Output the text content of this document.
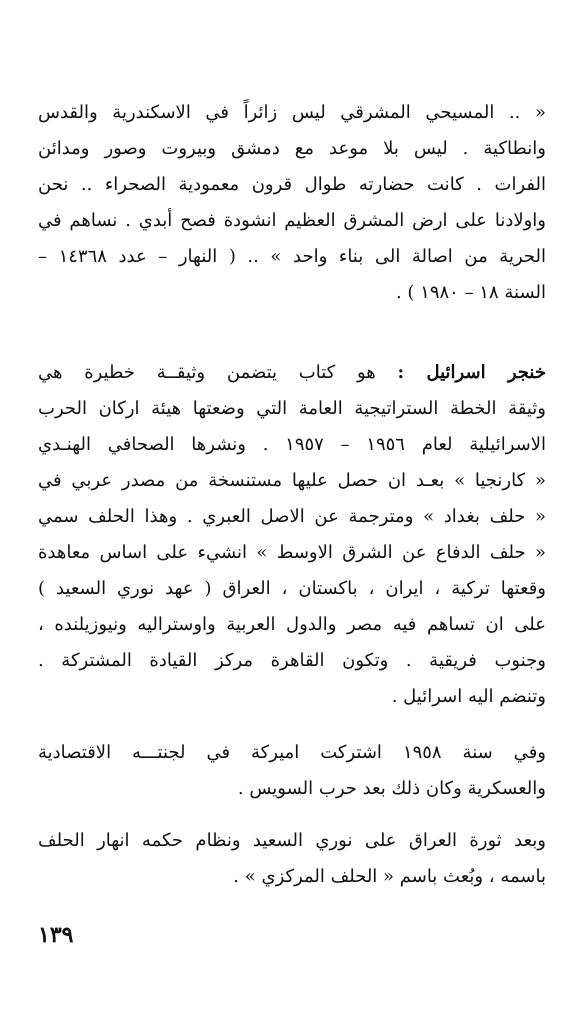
« .. المسيحي المشرقي ليس زائراً في الاسكندرية والقدس
وانطاكية . ليس بلا موعد مع دمشق وبيروت وصور ومدائن
الفرات . كانت حضارته طوال قرون معمودية الصحراء .. نحن
واولادنا على ارض المشرق العظيم انشودة فصح أبدي . نساهم في
الحرية من اصالة الى بناء واحد » .. ( النهار – عدد ١٤٣٦٨ –
السنة ١٨ – ١٩٨٠ ) .
خنجر اسرائيل : هو كتاب يتضمن وثيقــة خطيرة هي
وثيقة الخطة الستراتيجية العامة التي وضعتها هيئة اركان الحرب
الاسرائيلية لعام ١٩٥٦ – ١٩٥٧ . ونشرها الصحافي الهنـدي
« كارنجيا » بعـد ان حصل عليها مستنسخة من مصدر عربي في
« حلف بغداد » ومترجمة عن الاصل العبري . وهذا الحلف سمي
« حلف الدفاع عن الشرق الاوسط » انشيء على اساس معاهدة
وقعتها تركية ، ايران ، باكستان ، العراق ( عهد نوري السعيد )
على ان تساهم فيه مصر والدول العربية واوستراليه ونيوزيلنده ،
وجنوب فريقية . وتكون القاهرة مركز القيادة المشتركة .
وتنضم اليه اسرائيل .
وفي سنة ١٩٥٨ اشتركت اميركة في لجنتـــه الاقتصادية
والعسكرية وكان ذلك بعد حرب السويس .
وبعد ثورة العراق على نوري السعيد ونظام حكمه انهار الحلف
باسمه ، وبُعث باسم « الحلف المركزي » .
١٣٩
